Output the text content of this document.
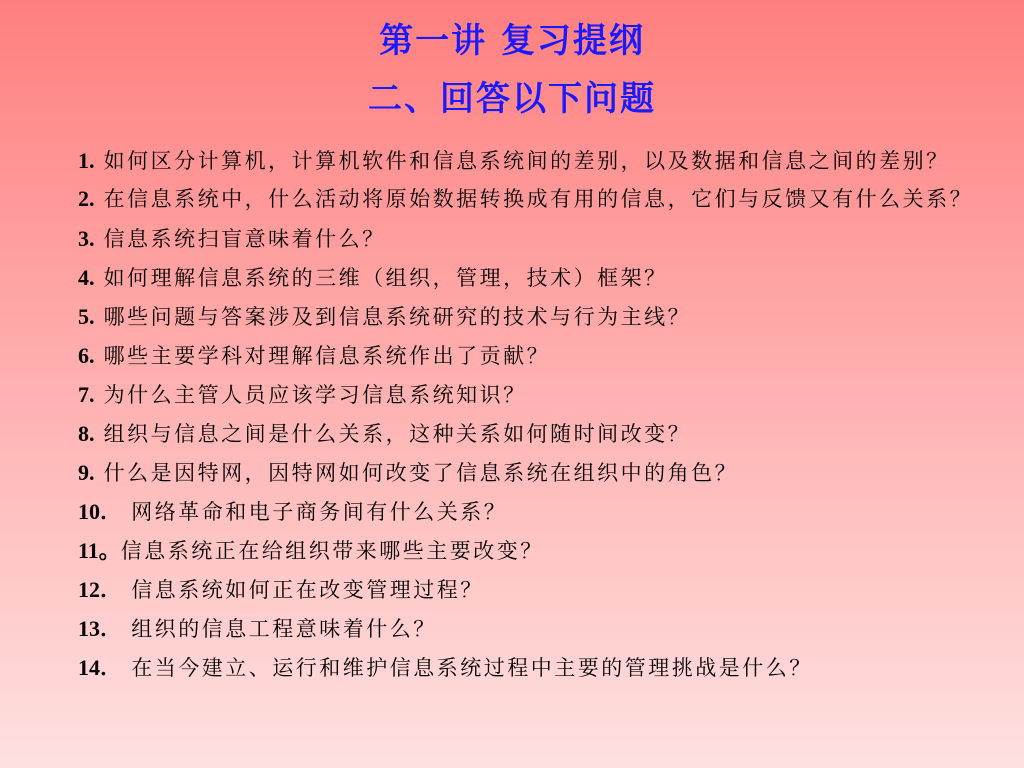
第一讲 复习提纲
二、回答以下问题
1. 如何区分计算机，计算机软件和信息系统间的差别，以及数据和信息之间的差别？
2. 在信息系统中，什么活动将原始数据转换成有用的信息，它们与反馈又有什么关系？
3. 信息系统扫盲意味着什么？
4. 如何理解信息系统的三维（组织，管理，技术）框架？
5. 哪些问题与答案涉及到信息系统研究的技术与行为主线？
6. 哪些主要学科对理解信息系统作出了贡献？
7. 为什么主管人员应该学习信息系统知识？
8. 组织与信息之间是什么关系，这种关系如何随时间改变？
9. 什么是因特网，因特网如何改变了信息系统在组织中的角色？
10． 网络革命和电子商务间有什么关系？
11。信息系统正在给组织带来哪些主要改变？
12． 信息系统如何正在改变管理过程？
13． 组织的信息工程意味着什么？
14． 在当今建立、运行和维护信息系统过程中主要的管理挑战是什么？
